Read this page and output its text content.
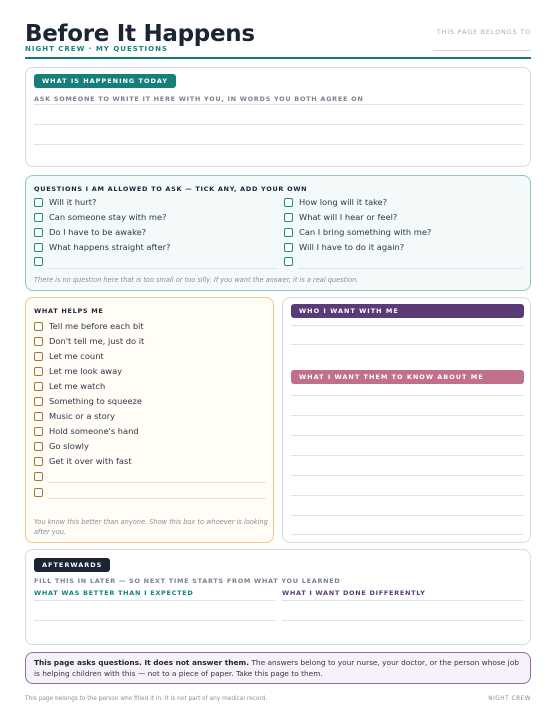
Before It Happens
NIGHT CREW · MY QUESTIONS
THIS PAGE BELONGS TO
WHAT IS HAPPENING TODAY
ASK SOMEONE TO WRITE IT HERE WITH YOU, IN WORDS YOU BOTH AGREE ON
QUESTIONS I AM ALLOWED TO ASK — TICK ANY, ADD YOUR OWN
Will it hurt?
Can someone stay with me?
Do I have to be awake?
What happens straight after?
How long will it take?
What will I hear or feel?
Can I bring something with me?
Will I have to do it again?
There is no question here that is too small or too silly. If you want the answer, it is a real question.
WHAT HELPS ME
Tell me before each bit
Don't tell me, just do it
Let me count
Let me look away
Let me watch
Something to squeeze
Music or a story
Hold someone's hand
Go slowly
Get it over with fast
You know this better than anyone. Show this box to whoever is looking
after you.
WHO I WANT WITH ME
WHAT I WANT THEM TO KNOW ABOUT ME
AFTERWARDS
FILL THIS IN LATER — SO NEXT TIME STARTS FROM WHAT YOU LEARNED
WHAT WAS BETTER THAN I EXPECTED	WHAT I WANT DONE DIFFERENTLY
This page asks questions. It does not answer them. The answers belong to your nurse, your doctor, or the person whose job is helping children with this — not to a piece of paper. Take this page to them.
This page belongs to the person who filled it in. It is not part of any medical record.	NIGHT CREW
